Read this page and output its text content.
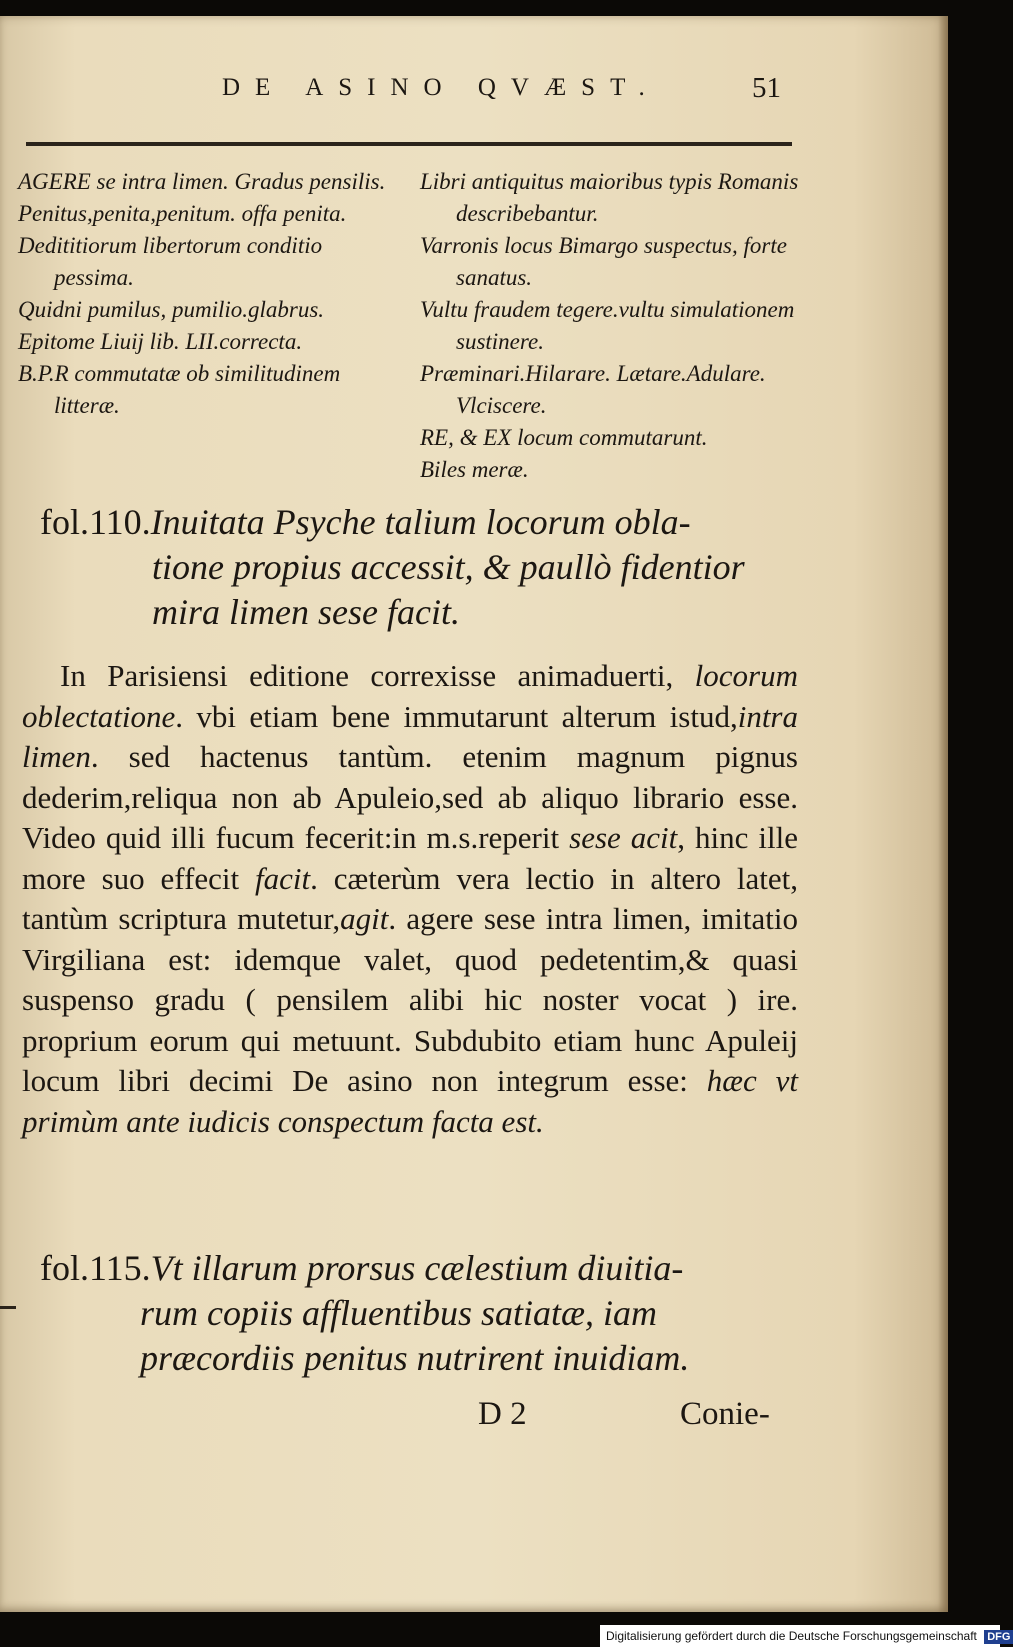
DE ASINO QVÆST.	51
AGERE se intra limen. Gradus pensilis.
Penitus,penita,penitum. offa penita.
Dedititiorum libertorum conditio pessima.
Quidni pumilus, pumilio.glabrus.
Epitome Liuij lib. LII.correcta.
B.P.R commutatæ ob similitudinem litteræ.
Libri antiquitus maioribus typis Romanis describebantur.
Varronis locus Bimargo suspectus, forte sanatus.
Vultu fraudem tegere.vultu simulationem sustinere.
Præminari.Hilarare. Lætare.Adulare. Vlciscere.
RE, & EX locum commutarunt.
Biles meræ.
fol.110.Inuitata Psyche talium locorum obla-
tione propius accessit, & paullò fidentior mira limen sese facit.

In Parisiensi editione correxisse animaduerti, locorum oblectatione. vbi etiam bene immutarunt alterum istud,intra limen. sed hactenus tantùm. etenim magnum pignus dederim,reliqua non ab Apuleio,sed ab aliquo librario esse. Video quid illi fucum fecerit:in m.s.reperit sese acit, hinc ille more suo effecit facit. cæterùm vera lectio in altero latet, tantùm scriptura mutetur,agit. agere sese intra limen, imitatio Virgiliana est: idemque valet, quod pedetentim,& quasi suspenso gradu ( pensilem alibi hic noster vocat ) ire. proprium eorum qui metuunt. Subdubito etiam hunc Apuleij locum libri decimi De asino non integrum esse: hæc vt primùm ante iudicis conspectum facta est.

fol.115.Vt illarum prorsus cælestium diuitia-
rum copiis affluentibus satiatæ, iam præcordiis penitus nutrirent inuidiam.
D 2	Conie-
Digitalisierung gefördert durch die Deutsche Forschungsgemeinschaft DFG
